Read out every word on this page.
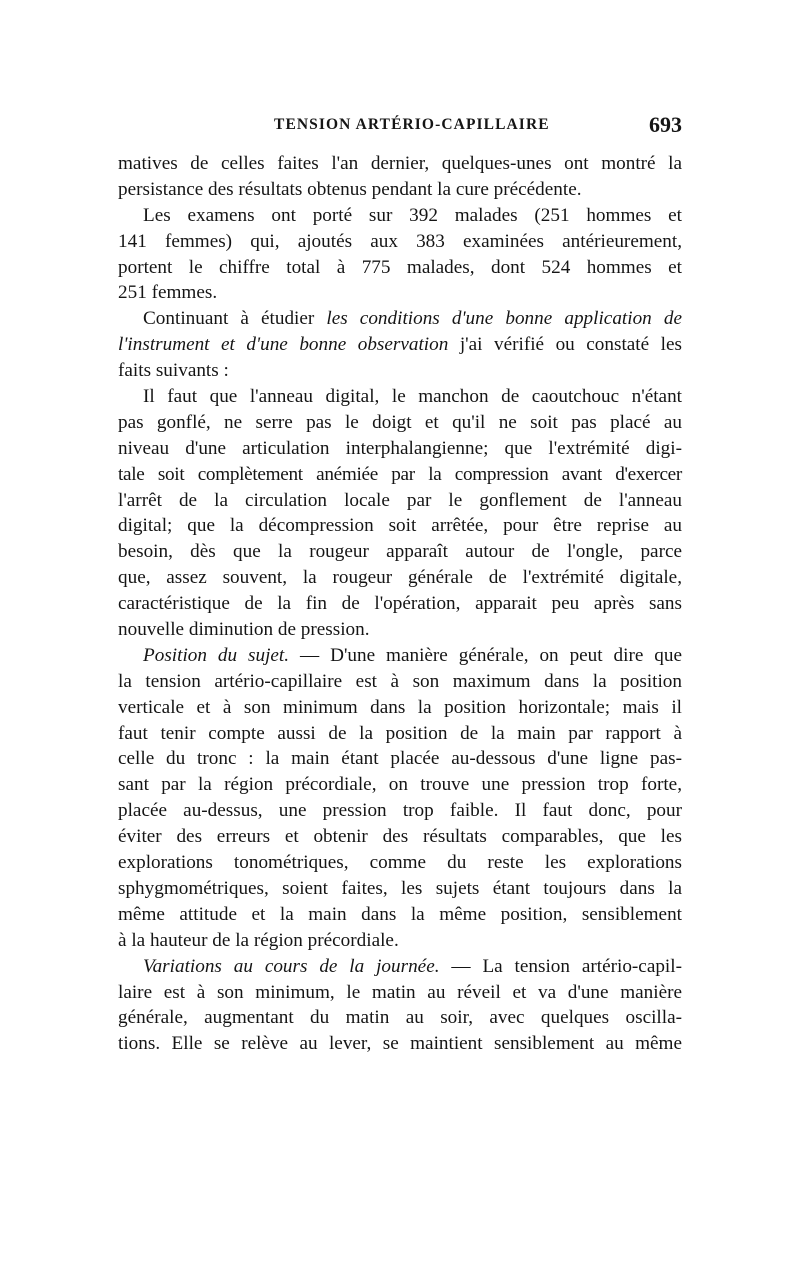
TENSION ARTÉRIO-CAPILLAIRE	693
matives de celles faites l'an dernier, quelques-unes ont montré la
persistance des résultats obtenus pendant la cure précédente.
Les examens ont porté sur 392 malades (251 hommes et
141 femmes) qui, ajoutés aux 383 examinées antérieurement,
portent le chiffre total à 775 malades, dont 524 hommes et
251 femmes.
Continuant à étudier les conditions d'une bonne application de
l'instrument et d'une bonne observation j'ai vérifié ou constaté les
faits suivants :
Il faut que l'anneau digital, le manchon de caoutchouc n'étant
pas gonflé, ne serre pas le doigt et qu'il ne soit pas placé au
niveau d'une articulation interphalangienne; que l'extrémité digi-
tale soit complètement anémiée par la compression avant d'exercer
l'arrêt de la circulation locale par le gonflement de l'anneau
digital; que la décompression soit arrêtée, pour être reprise au
besoin, dès que la rougeur apparaît autour de l'ongle, parce
que, assez souvent, la rougeur générale de l'extrémité digitale,
caractéristique de la fin de l'opération, apparait peu après sans
nouvelle diminution de pression.
Position du sujet. — D'une manière générale, on peut dire que
la tension artério-capillaire est à son maximum dans la position
verticale et à son minimum dans la position horizontale; mais il
faut tenir compte aussi de la position de la main par rapport à
celle du tronc : la main étant placée au-dessous d'une ligne pas-
sant par la région précordiale, on trouve une pression trop forte,
placée au-dessus, une pression trop faible. Il faut donc, pour
éviter des erreurs et obtenir des résultats comparables, que les
explorations tonométriques, comme du reste les explorations
sphygmométriques, soient faites, les sujets étant toujours dans la
même attitude et la main dans la même position, sensiblement
à la hauteur de la région précordiale.
Variations au cours de la journée. — La tension artério-capil-
laire est à son minimum, le matin au réveil et va d'une manière
générale, augmentant du matin au soir, avec quelques oscilla-
tions. Elle se relève au lever, se maintient sensiblement au même
